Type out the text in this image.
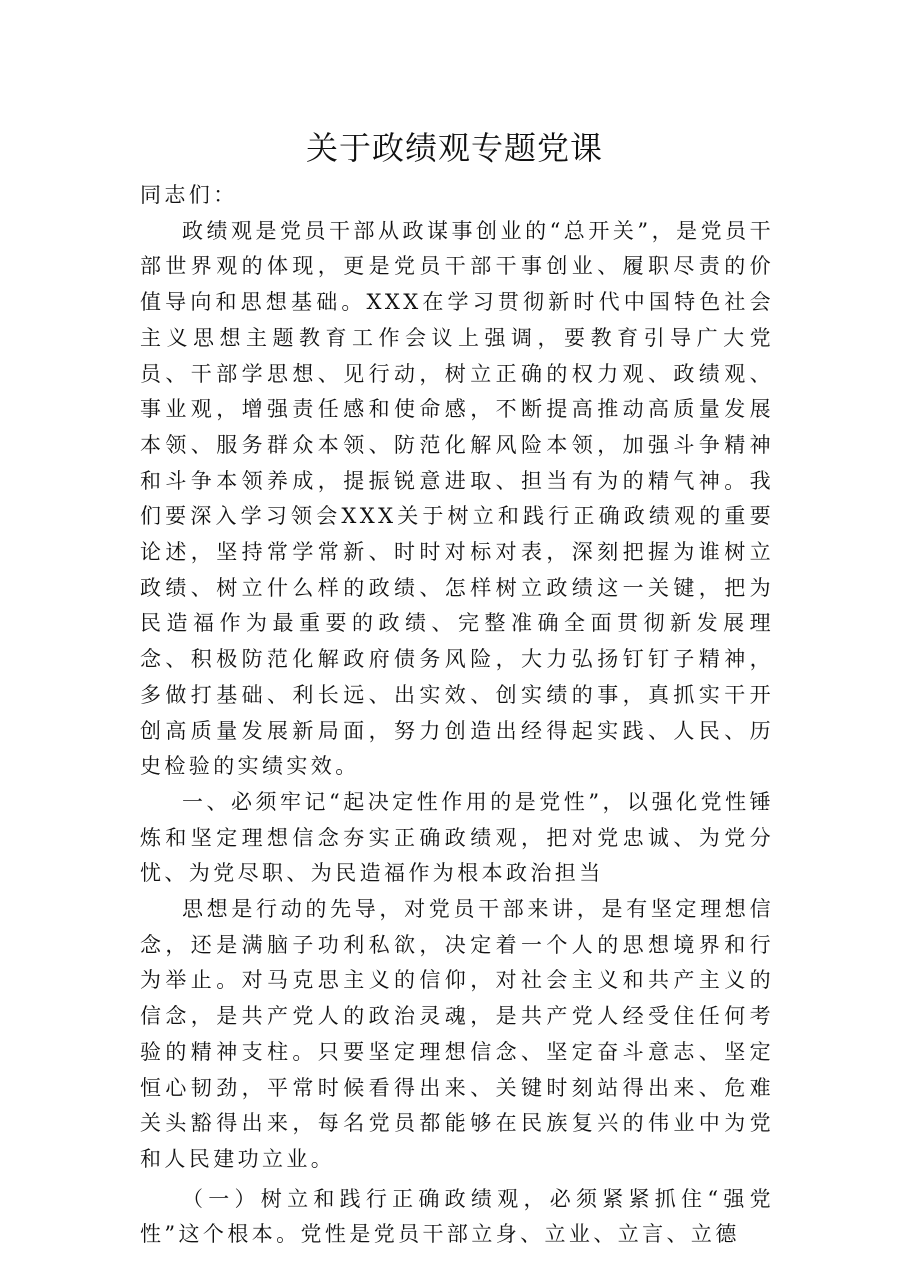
关于政绩观专题党课

同志们：

政绩观是党员干部从政谋事创业的“总开关”，是党员干部世界观的体现，更是党员干部干事创业、履职尽责的价值导向和思想基础。XXX在学习贯彻新时代中国特色社会主义思想主题教育工作会议上强调，要教育引导广大党员、干部学思想、见行动，树立正确的权力观、政绩观、事业观，增强责任感和使命感，不断提高推动高质量发展本领、服务群众本领、防范化解风险本领，加强斗争精神和斗争本领养成，提振锐意进取、担当有为的精气神。我们要深入学习领会XXX关于树立和践行正确政绩观的重要论述，坚持常学常新、时时对标对表，深刻把握为谁树立政绩、树立什么样的政绩、怎样树立政绩这一关键，把为民造福作为最重要的政绩、完整准确全面贯彻新发展理念、积极防范化解政府债务风险，大力弘扬钉钉子精神，多做打基础、利长远、出实效、创实绩的事，真抓实干开创高质量发展新局面，努力创造出经得起实践、人民、历史检验的实绩实效。

一、必须牢记“起决定性作用的是党性”，以强化党性锤炼和坚定理想信念夯实正确政绩观，把对党忠诚、为党分忧、为党尽职、为民造福作为根本政治担当

思想是行动的先导，对党员干部来讲，是有坚定理想信念，还是满脑子功利私欲，决定着一个人的思想境界和行为举止。对马克思主义的信仰，对社会主义和共产主义的信念，是共产党人的政治灵魂，是共产党人经受住任何考验的精神支柱。只要坚定理想信念、坚定奋斗意志、坚定恒心韧劲，平常时候看得出来、关键时刻站得出来、危难关头豁得出来，每名党员都能够在民族复兴的伟业中为党和人民建功立业。

（一）树立和践行正确政绩观，必须紧紧抓住“强党性”这个根本。党性是党员干部立身、立业、立言、立德
